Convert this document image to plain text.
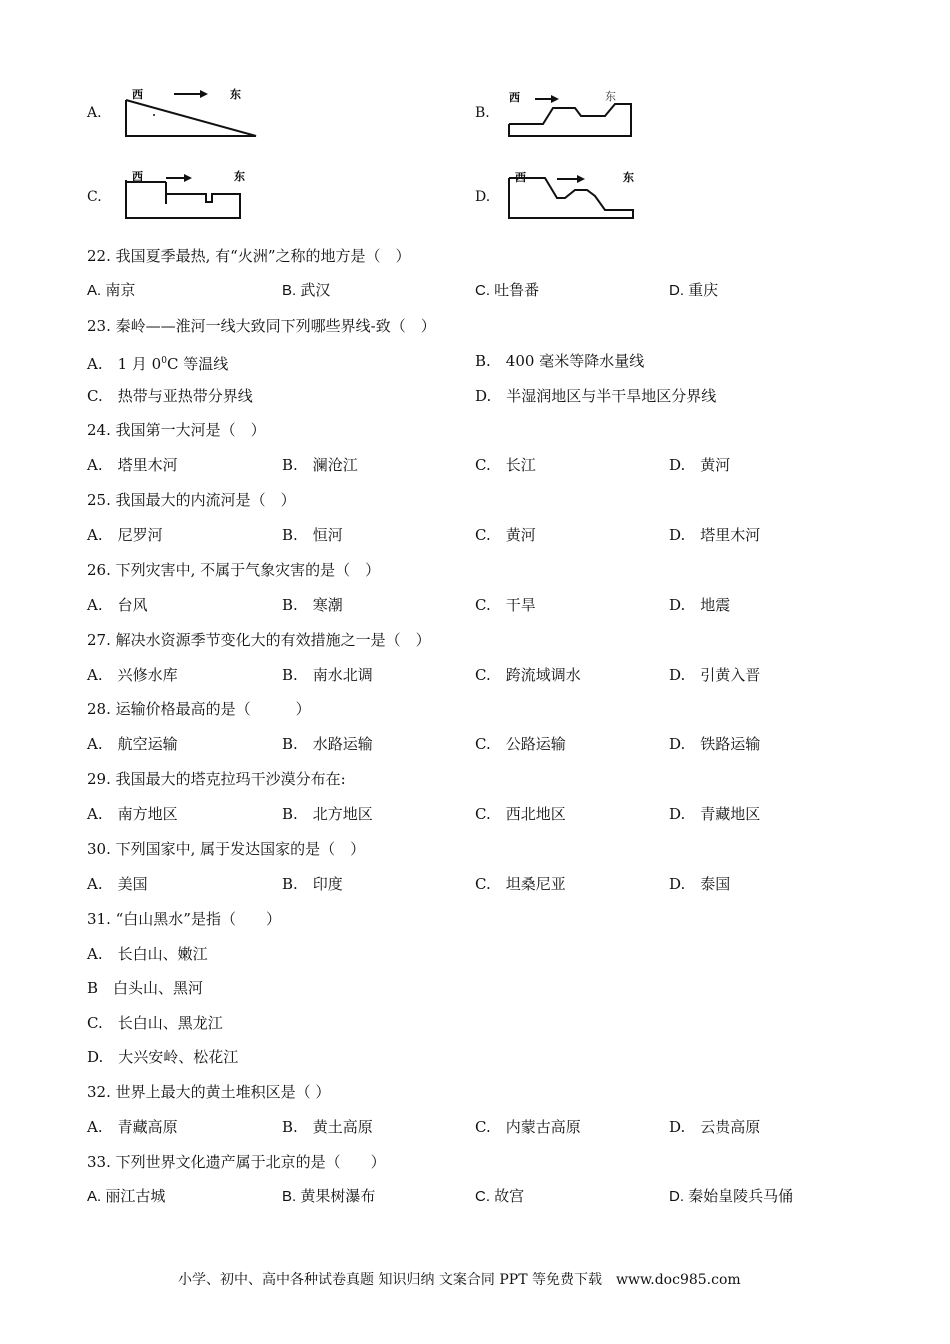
A.
西	东
B.
西	东
C.
西	东
D.
西	东
22. 我国夏季最热, 有“火洲”之称的地方是（　）
A. 南京	B. 武汉	C. 吐鲁番	D. 重庆
23. 秦岭——淮河一线大致同下列哪些界线-致（　）
A.　1 月 $0^0C$ 等温线	B.　400 毫米等降水量线
C.　热带与亚热带分界线	D.　半湿润地区与半干旱地区分界线
24. 我国第一大河是（　）
A.　塔里木河	B.　澜沧江	C.　长江	D.　黄河
25. 我国最大的内流河是（　）
A.　尼罗河	B.　恒河	C.　黄河	D.　塔里木河
26. 下列灾害中, 不属于气象灾害的是（　）
A.　台风	B.　寒潮	C.　干旱	D.　地震
27. 解决水资源季节变化大的有效措施之一是（　）
A.　兴修水库	B.　南水北调	C.　跨流域调水	D.　引黄入晋
28. 运输价格最高的是（　　　）
A.　航空运输	B.　水路运输	C.　公路运输	D.　铁路运输
29. 我国最大的塔克拉玛干沙漠分布在:
A.　南方地区	B.　北方地区	C.　西北地区	D.　青藏地区
30. 下列国家中, 属于发达国家的是（　）
A.　美国	B.　印度	C.　坦桑尼亚	D.　泰国
31. “白山黑水”是指（　　）
A.　长白山、嫩江
B　白头山、黑河
C.　长白山、黑龙江
D.　大兴安岭、松花江
32. 世界上最大的黄土堆积区是（ ）
A.　青藏高原	B.　黄土高原	C.　内蒙古高原	D.　云贵高原
33. 下列世界文化遗产属于北京的是（　　）
A. 丽江古城	B. 黄果树瀑布	C. 故宫	D. 秦始皇陵兵马俑
小学、初中、高中各种试卷真题 知识归纳 文案合同 PPT 等免费下载　www.doc985.com
